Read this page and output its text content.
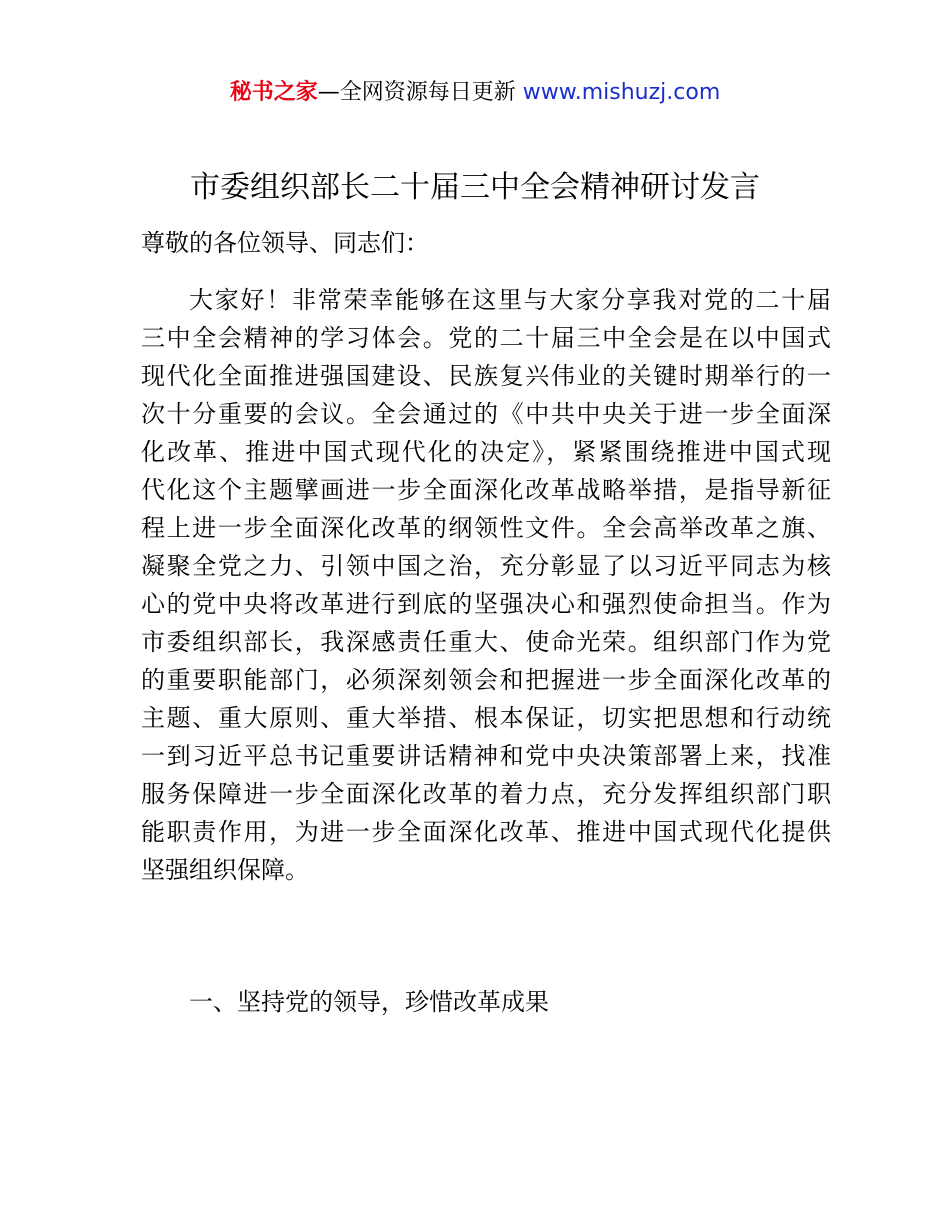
秘书之家—全网资源每日更新 www.mishuzj.com
市委组织部长二十届三中全会精神研讨发言
尊敬的各位领导、同志们：
大家好！非常荣幸能够在这里与大家分享我对党的二十届
三中全会精神的学习体会。党的二十届三中全会是在以中国式
现代化全面推进强国建设、民族复兴伟业的关键时期举行的一
次十分重要的会议。全会通过的《中共中央关于进一步全面深
化改革、推进中国式现代化的决定》，紧紧围绕推进中国式现
代化这个主题擘画进一步全面深化改革战略举措，是指导新征
程上进一步全面深化改革的纲领性文件。全会高举改革之旗、
凝聚全党之力、引领中国之治，充分彰显了以习近平同志为核
心的党中央将改革进行到底的坚强决心和强烈使命担当。作为
市委组织部长，我深感责任重大、使命光荣。组织部门作为党
的重要职能部门，必须深刻领会和把握进一步全面深化改革的
主题、重大原则、重大举措、根本保证，切实把思想和行动统
一到习近平总书记重要讲话精神和党中央决策部署上来，找准
服务保障进一步全面深化改革的着力点，充分发挥组织部门职
能职责作用，为进一步全面深化改革、推进中国式现代化提供
坚强组织保障。
一、坚持党的领导，珍惜改革成果
